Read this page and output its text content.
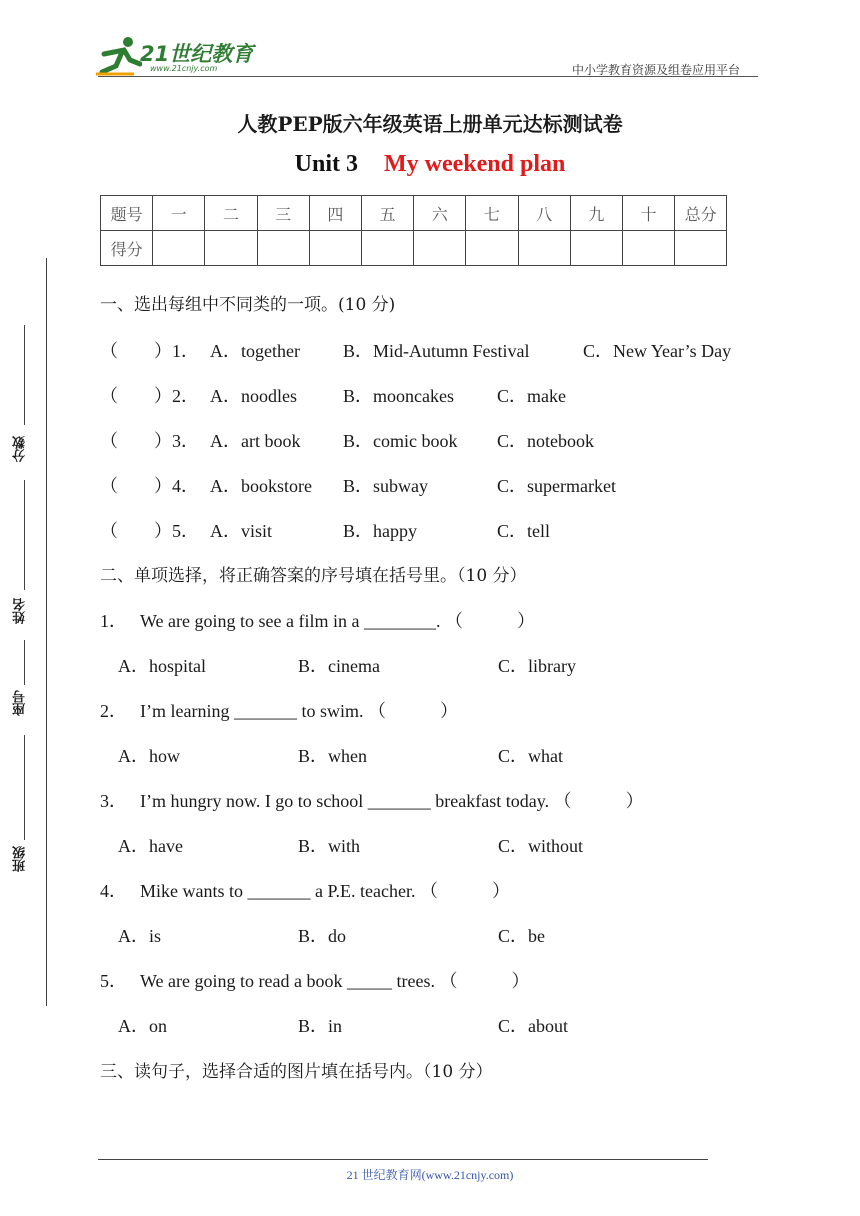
21世纪教育
www.21cnjy.com	中小学教育资源及组卷应用平台
人教PEP版六年级英语上册单元达标测试卷
Unit 3 My weekend plan
题号	一	二	三	四	五	六	七	八	九	十	总分
得分											
分数
姓名
座号
班级
一、选出每组中不同类的一项。(10 分)
（　　）1． A．together B．Mid-Autumn Festival	C．New Year’s Day
（　　）2． A．noodles	B．mooncakes C．make
（　　）3． A．art book B．comic book C．notebook
（　　）4． A．bookstore B．subway	C．supermarket
（　　）5． A．visit	B．happy	C．tell
二、单项选择，将正确答案的序号填在括号里。（10 分）
1． We are going to see a film in a ________. （　　　）
A．hospital	B．cinema	C．library
2． I’m learning _______ to swim. （　　　）
A．how	B．when	C．what
3． I’m hungry now. I go to school _______ breakfast today. （　　　）
A．have	B．with	C．without
4． Mike wants to _______ a P.E. teacher. （　　　）
A．is	B．do	C．be
5． We are going to read a book _____ trees. （　　　）
A．on	B．in	C．about
三、读句子，选择合适的图片填在括号内。（10 分）
21 世纪教育网(www.21cnjy.com)
